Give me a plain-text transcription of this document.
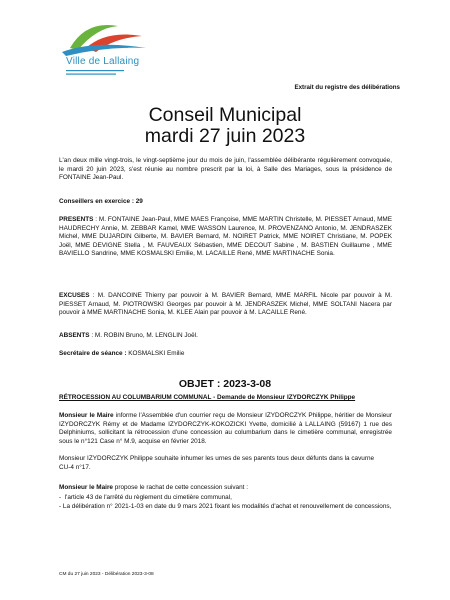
Ville de Lallaing
Extrait du registre des délibérations
Conseil Municipal
mardi 27 juin 2023

L'an deux mille vingt-trois, le vingt-septième jour du mois de juin, l'assemblée délibérante régulièrement convoquée, le mardi 20 juin 2023, s'est réunie au nombre prescrit par la loi, à Salle des Mariages, sous la présidence de FONTAINE Jean-Paul.

Conseillers en exercice : 29

PRESENTS : M. FONTAINE Jean-Paul, MME MAES Françoise, MME MARTIN Christelle, M. PIESSET Arnaud, MME HAUDRECHY Annie, M. ZEBBAR Kamel, MME WASSON Laurence, M. PROVENZANO Antonio, M. JENDRASZEK Michel, MME DUJARDIN Gilberte, M. BAVIER Bernard, M. NOIRET Patrick, MME NOIRET Christiane, M. POPEK Joël, MME DEVIGNE Stella , M. FAUVEAUX Sébastien, MME DECOUT Sabine , M. BASTIEN Guillaume , MME BAVIELLO Sandrine, MME KOSMALSKI Emilie, M. LACAILLE René, MME MARTINACHE Sonia.

EXCUSES : M. DANCOINE Thierry par pouvoir à M. BAVIER Bernard, MME MARFIL Nicole par pouvoir à M. PIESSET Arnaud, M. PIOTROWSKI Georges par pouvoir à M. JENDRASZEK Michel, MME SOLTANI Nacera par pouvoir à MME MARTINACHE Sonia, M. KLEE Alain par pouvoir à M. LACAILLE René.

ABSENTS : M. ROBIN Bruno, M. LENGLIN Joël.

Secrétaire de séance : KOSMALSKI Emilie

OBJET : 2023-3-08
RÉTROCESSION AU COLUMBARIUM COMMUNAL - Demande de Monsieur IZYDORCZYK Philippe

Monsieur le Maire informe l'Assemblée d'un courrier reçu de Monsieur IZYDORCZYK Philippe, héritier de Monsieur IZYDORCZYK Rémy et de Madame IZYDORCZYK-KOKOZICKI Yvette, domicilié à LALLAING (59167) 1 rue des Delphiniums, sollicitant la rétrocession d'une concession au columbarium dans le cimetière communal, enregistrée sous le n°121 Case n° M.9, acquise en février 2018.

Monsieur IZYDORCZYK Philippe souhaite inhumer les urnes de ses parents tous deux défunts dans la cavurne

CU-4 n°17.

Monsieur le Maire propose le rachat de cette concession suivant :

-  l'article 43 de l'arrêté du règlement du cimetière communal,

- La délibération n° 2021-1-03 en date du 9 mars 2021 fixant les modalités d'achat et renouvellement de concessions,

CM du 27 juin 2023 - Délibération 2023-3-08
